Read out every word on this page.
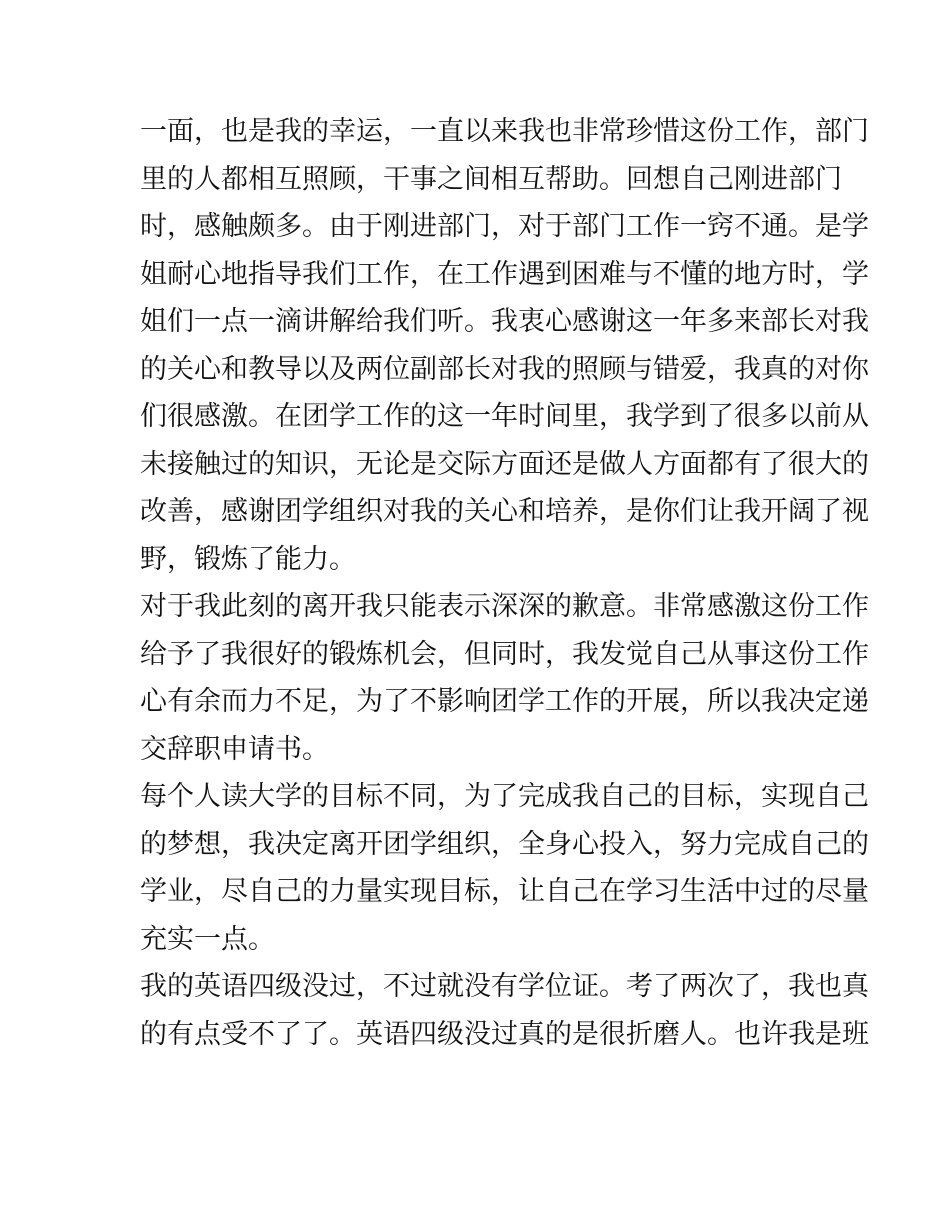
一面，也是我的幸运，一直以来我也非常珍惜这份工作，部门
里的人都相互照顾，干事之间相互帮助。回想自己刚进部门
时，感触颇多。由于刚进部门，对于部门工作一窍不通。是学
姐耐心地指导我们工作，在工作遇到困难与不懂的地方时，学
姐们一点一滴讲解给我们听。我衷心感谢这一年多来部长对我
的关心和教导以及两位副部长对我的照顾与错爱，我真的对你
们很感激。在团学工作的这一年时间里，我学到了很多以前从
未接触过的知识，无论是交际方面还是做人方面都有了很大的
改善，感谢团学组织对我的关心和培养，是你们让我开阔了视
野，锻炼了能力。
对于我此刻的离开我只能表示深深的歉意。非常感激这份工作
给予了我很好的锻炼机会，但同时，我发觉自己从事这份工作
心有余而力不足，为了不影响团学工作的开展，所以我决定递
交辞职申请书。
每个人读大学的目标不同，为了完成我自己的目标，实现自己
的梦想，我决定离开团学组织，全身心投入，努力完成自己的
学业，尽自己的力量实现目标，让自己在学习生活中过的尽量
充实一点。
我的英语四级没过，不过就没有学位证。考了两次了，我也真
的有点受不了了。英语四级没过真的是很折磨人。也许我是班
